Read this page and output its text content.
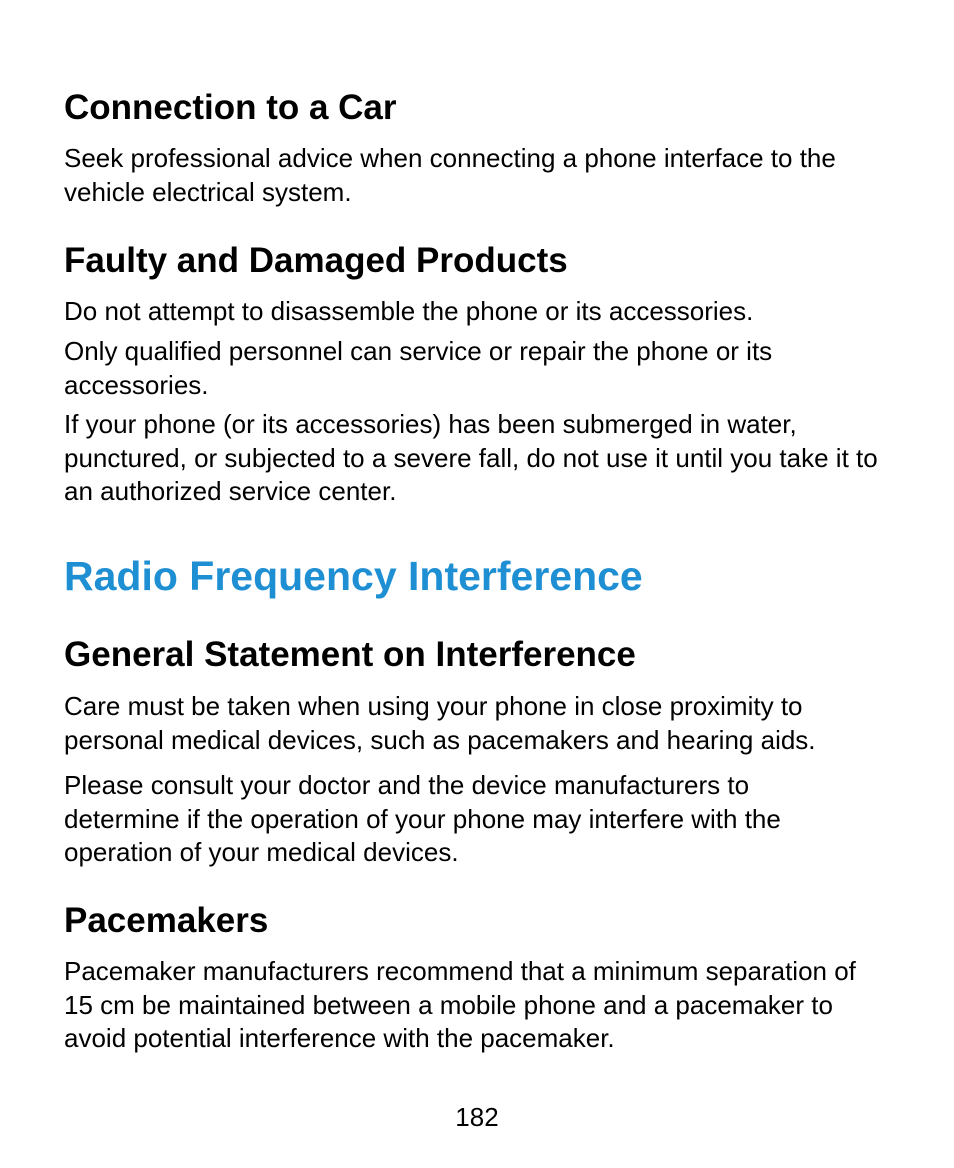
Connection to a Car

Seek professional advice when connecting a phone interface to the vehicle electrical system.

Faulty and Damaged Products

Do not attempt to disassemble the phone or its accessories.

Only qualified personnel can service or repair the phone or its accessories.

If your phone (or its accessories) has been submerged in water, punctured, or subjected to a severe fall, do not use it until you take it to an authorized service center.

Radio Frequency Interference
General Statement on Interference

Care must be taken when using your phone in close proximity to personal medical devices, such as pacemakers and hearing aids.

Please consult your doctor and the device manufacturers to determine if the operation of your phone may interfere with the operation of your medical devices.

Pacemakers

Pacemaker manufacturers recommend that a minimum separation of 15 cm be maintained between a mobile phone and a pacemaker to avoid potential interference with the pacemaker.

182
